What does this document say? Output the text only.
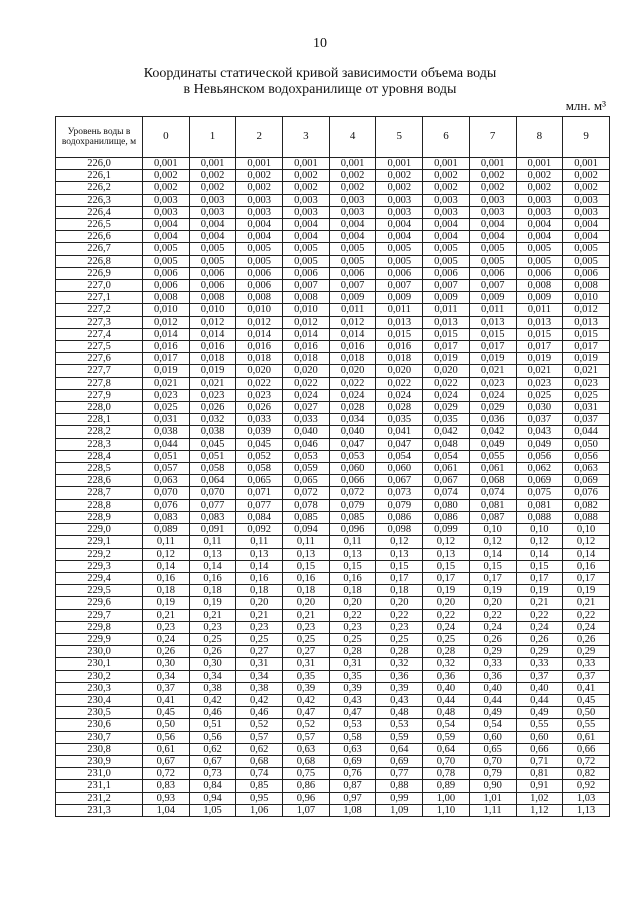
10
Координаты статической кривой зависимости объема воды
в Невьянском водохранилище от уровня воды
млн. м³
Уровень воды в водохранилище, м	0	1	2	3	4	5	6	7	8	9
226,0	0,001	0,001	0,001	0,001	0,001	0,001	0,001	0,001	0,001	0,001
226,1	0,002	0,002	0,002	0,002	0,002	0,002	0,002	0,002	0,002	0,002
226,2	0,002	0,002	0,002	0,002	0,002	0,002	0,002	0,002	0,002	0,002
226,3	0,003	0,003	0,003	0,003	0,003	0,003	0,003	0,003	0,003	0,003
226,4	0,003	0,003	0,003	0,003	0,003	0,003	0,003	0,003	0,003	0,003
226,5	0,004	0,004	0,004	0,004	0,004	0,004	0,004	0,004	0,004	0,004
226,6	0,004	0,004	0,004	0,004	0,004	0,004	0,004	0,004	0,004	0,004
226,7	0,005	0,005	0,005	0,005	0,005	0,005	0,005	0,005	0,005	0,005
226,8	0,005	0,005	0,005	0,005	0,005	0,005	0,005	0,005	0,005	0,005
226,9	0,006	0,006	0,006	0,006	0,006	0,006	0,006	0,006	0,006	0,006
227,0	0,006	0,006	0,006	0,007	0,007	0,007	0,007	0,007	0,008	0,008
227,1	0,008	0,008	0,008	0,008	0,009	0,009	0,009	0,009	0,009	0,010
227,2	0,010	0,010	0,010	0,010	0,011	0,011	0,011	0,011	0,011	0,012
227,3	0,012	0,012	0,012	0,012	0,012	0,013	0,013	0,013	0,013	0,013
227,4	0,014	0,014	0,014	0,014	0,014	0,015	0,015	0,015	0,015	0,015
227,5	0,016	0,016	0,016	0,016	0,016	0,016	0,017	0,017	0,017	0,017
227,6	0,017	0,018	0,018	0,018	0,018	0,018	0,019	0,019	0,019	0,019
227,7	0,019	0,019	0,020	0,020	0,020	0,020	0,020	0,021	0,021	0,021
227,8	0,021	0,021	0,022	0,022	0,022	0,022	0,022	0,023	0,023	0,023
227,9	0,023	0,023	0,023	0,024	0,024	0,024	0,024	0,024	0,025	0,025
228,0	0,025	0,026	0,026	0,027	0,028	0,028	0,029	0,029	0,030	0,031
228,1	0,031	0,032	0,033	0,033	0,034	0,035	0,035	0,036	0,037	0,037
228,2	0,038	0,038	0,039	0,040	0,040	0,041	0,042	0,042	0,043	0,044
228,3	0,044	0,045	0,045	0,046	0,047	0,047	0,048	0,049	0,049	0,050
228,4	0,051	0,051	0,052	0,053	0,053	0,054	0,054	0,055	0,056	0,056
228,5	0,057	0,058	0,058	0,059	0,060	0,060	0,061	0,061	0,062	0,063
228,6	0,063	0,064	0,065	0,065	0,066	0,067	0,067	0,068	0,069	0,069
228,7	0,070	0,070	0,071	0,072	0,072	0,073	0,074	0,074	0,075	0,076
228,8	0,076	0,077	0,077	0,078	0,079	0,079	0,080	0,081	0,081	0,082
228,9	0,083	0,083	0,084	0,085	0,085	0,086	0,086	0,087	0,088	0,088
229,0	0,089	0,091	0,092	0,094	0,096	0,098	0,099	0,10	0,10	0,10
229,1	0,11	0,11	0,11	0,11	0,11	0,12	0,12	0,12	0,12	0,12
229,2	0,12	0,13	0,13	0,13	0,13	0,13	0,13	0,14	0,14	0,14
229,3	0,14	0,14	0,14	0,15	0,15	0,15	0,15	0,15	0,15	0,16
229,4	0,16	0,16	0,16	0,16	0,16	0,17	0,17	0,17	0,17	0,17
229,5	0,18	0,18	0,18	0,18	0,18	0,18	0,19	0,19	0,19	0,19
229,6	0,19	0,19	0,20	0,20	0,20	0,20	0,20	0,20	0,21	0,21
229,7	0,21	0,21	0,21	0,21	0,22	0,22	0,22	0,22	0,22	0,22
229,8	0,23	0,23	0,23	0,23	0,23	0,23	0,24	0,24	0,24	0,24
229,9	0,24	0,25	0,25	0,25	0,25	0,25	0,25	0,26	0,26	0,26
230,0	0,26	0,26	0,27	0,27	0,28	0,28	0,28	0,29	0,29	0,29
230,1	0,30	0,30	0,31	0,31	0,31	0,32	0,32	0,33	0,33	0,33
230,2	0,34	0,34	0,34	0,35	0,35	0,36	0,36	0,36	0,37	0,37
230,3	0,37	0,38	0,38	0,39	0,39	0,39	0,40	0,40	0,40	0,41
230,4	0,41	0,42	0,42	0,42	0,43	0,43	0,44	0,44	0,44	0,45
230,5	0,45	0,46	0,46	0,47	0,47	0,48	0,48	0,49	0,49	0,50
230,6	0,50	0,51	0,52	0,52	0,53	0,53	0,54	0,54	0,55	0,55
230,7	0,56	0,56	0,57	0,57	0,58	0,59	0,59	0,60	0,60	0,61
230,8	0,61	0,62	0,62	0,63	0,63	0,64	0,64	0,65	0,66	0,66
230,9	0,67	0,67	0,68	0,68	0,69	0,69	0,70	0,70	0,71	0,72
231,0	0,72	0,73	0,74	0,75	0,76	0,77	0,78	0,79	0,81	0,82
231,1	0,83	0,84	0,85	0,86	0,87	0,88	0,89	0,90	0,91	0,92
231,2	0,93	0,94	0,95	0,96	0,97	0,99	1,00	1,01	1,02	1,03
231,3	1,04	1,05	1,06	1,07	1,08	1,09	1,10	1,11	1,12	1,13
